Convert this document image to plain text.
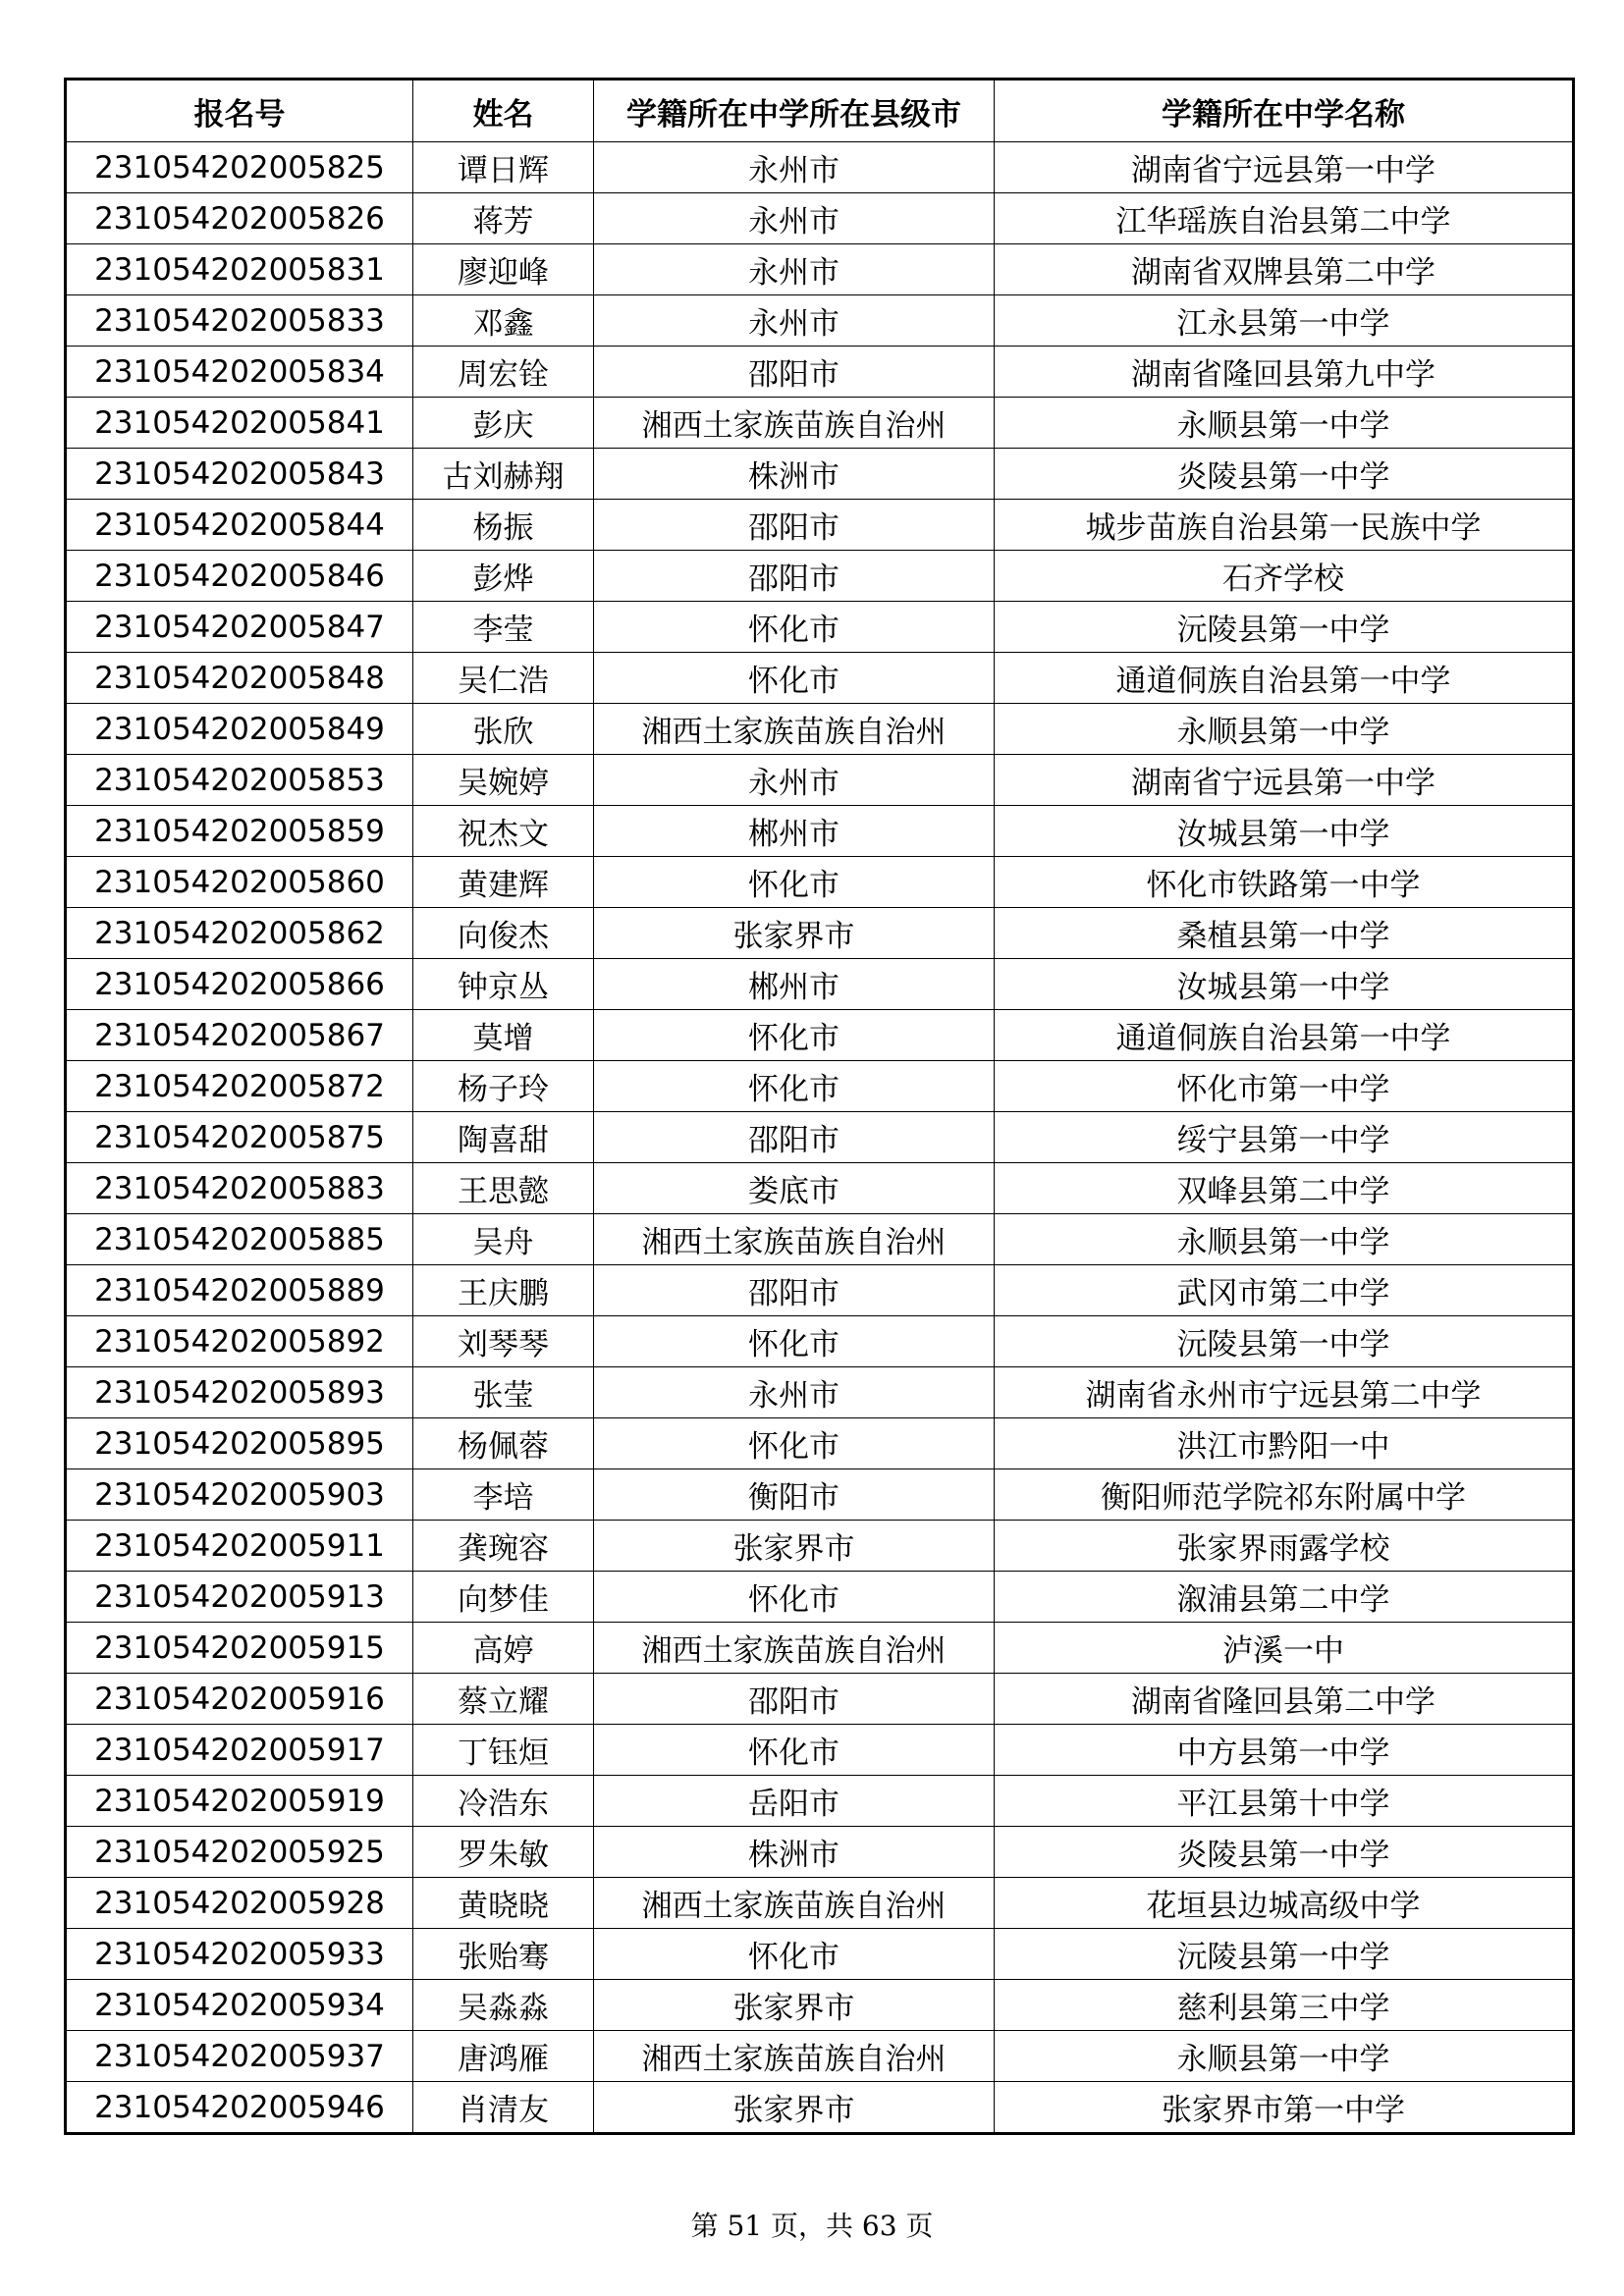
报名号	姓名	学籍所在中学所在县级市	学籍所在中学名称
231054202005825	谭日辉	永州市	湖南省宁远县第一中学
231054202005826	蒋芳	永州市	江华瑶族自治县第二中学
231054202005831	廖迎峰	永州市	湖南省双牌县第二中学
231054202005833	邓鑫	永州市	江永县第一中学
231054202005834	周宏铨	邵阳市	湖南省隆回县第九中学
231054202005841	彭庆	湘西土家族苗族自治州	永顺县第一中学
231054202005843	古刘赫翔	株洲市	炎陵县第一中学
231054202005844	杨振	邵阳市	城步苗族自治县第一民族中学
231054202005846	彭烨	邵阳市	石齐学校
231054202005847	李莹	怀化市	沅陵县第一中学
231054202005848	吴仁浩	怀化市	通道侗族自治县第一中学
231054202005849	张欣	湘西土家族苗族自治州	永顺县第一中学
231054202005853	吴婉婷	永州市	湖南省宁远县第一中学
231054202005859	祝杰文	郴州市	汝城县第一中学
231054202005860	黄建辉	怀化市	怀化市铁路第一中学
231054202005862	向俊杰	张家界市	桑植县第一中学
231054202005866	钟京丛	郴州市	汝城县第一中学
231054202005867	莫增	怀化市	通道侗族自治县第一中学
231054202005872	杨子玲	怀化市	怀化市第一中学
231054202005875	陶喜甜	邵阳市	绥宁县第一中学
231054202005883	王思懿	娄底市	双峰县第二中学
231054202005885	吴舟	湘西土家族苗族自治州	永顺县第一中学
231054202005889	王庆鹏	邵阳市	武冈市第二中学
231054202005892	刘琴琴	怀化市	沅陵县第一中学
231054202005893	张莹	永州市	湖南省永州市宁远县第二中学
231054202005895	杨佩蓉	怀化市	洪江市黔阳一中
231054202005903	李培	衡阳市	衡阳师范学院祁东附属中学
231054202005911	龚琬容	张家界市	张家界雨露学校
231054202005913	向梦佳	怀化市	溆浦县第二中学
231054202005915	高婷	湘西土家族苗族自治州	泸溪一中
231054202005916	蔡立耀	邵阳市	湖南省隆回县第二中学
231054202005917	丁钰烜	怀化市	中方县第一中学
231054202005919	冷浩东	岳阳市	平江县第十中学
231054202005925	罗朱敏	株洲市	炎陵县第一中学
231054202005928	黄晓晓	湘西土家族苗族自治州	花垣县边城高级中学
231054202005933	张贻骞	怀化市	沅陵县第一中学
231054202005934	吴淼淼	张家界市	慈利县第三中学
231054202005937	唐鸿雁	湘西土家族苗族自治州	永顺县第一中学
231054202005946	肖清友	张家界市	张家界市第一中学
第 51 页，共 63 页
